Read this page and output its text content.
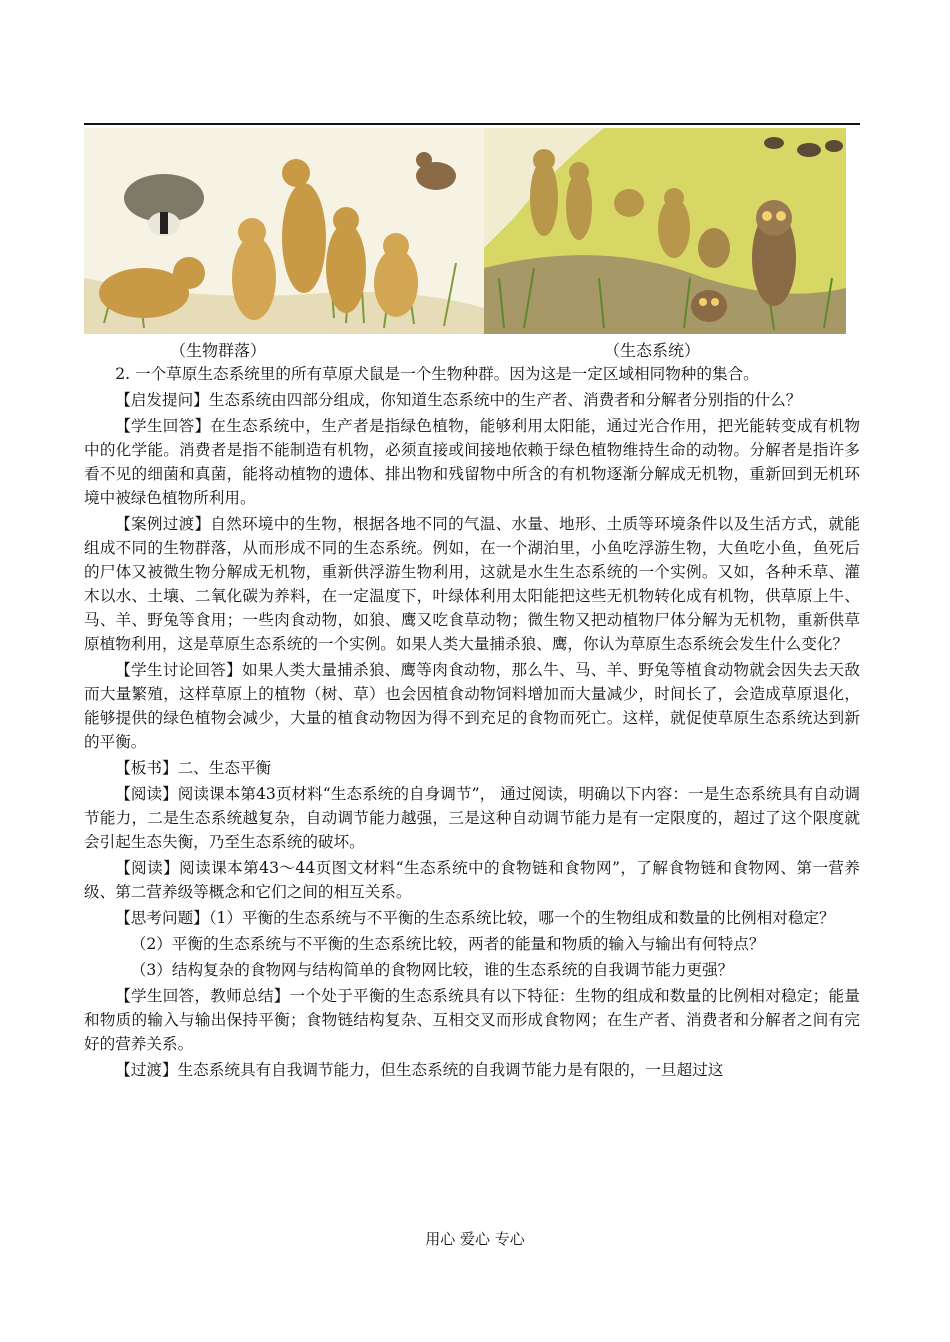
（生物群落）	（生态系统）

2. 一个草原生态系统里的所有草原犬鼠是一个生物种群。因为这是一定区域相同物种的集合。

【启发提问】生态系统由四部分组成，你知道生态系统中的生产者、消费者和分解者分别指的什么？

【学生回答】在生态系统中，生产者是指绿色植物，能够利用太阳能，通过光合作用，把光能转变成有机物中的化学能。消费者是指不能制造有机物，必须直接或间接地依赖于绿色植物维持生命的动物。分解者是指许多看不见的细菌和真菌，能将动植物的遗体、排出物和残留物中所含的有机物逐渐分解成无机物，重新回到无机环境中被绿色植物所利用。

【案例过渡】自然环境中的生物，根据各地不同的气温、水量、地形、土质等环境条件以及生活方式，就能组成不同的生物群落，从而形成不同的生态系统。例如，在一个湖泊里，小鱼吃浮游生物，大鱼吃小鱼，鱼死后的尸体又被微生物分解成无机物，重新供浮游生物利用，这就是水生生态系统的一个实例。又如，各种禾草、灌木以水、土壤、二氧化碳为养料，在一定温度下，叶绿体利用太阳能把这些无机物转化成有机物，供草原上牛、马、羊、野兔等食用；一些肉食动物，如狼、鹰又吃食草动物；微生物又把动植物尸体分解为无机物，重新供草原植物利用，这是草原生态系统的一个实例。如果人类大量捕杀狼、鹰，你认为草原生态系统会发生什么变化？

【学生讨论回答】如果人类大量捕杀狼、鹰等肉食动物，那么牛、马、羊、野兔等植食动物就会因失去天敌而大量繁殖，这样草原上的植物（树、草）也会因植食动物饲料增加而大量减少，时间长了，会造成草原退化，能够提供的绿色植物会减少，大量的植食动物因为得不到充足的食物而死亡。这样，就促使草原生态系统达到新的平衡。

【板书】二、生态平衡

【阅读】阅读课本第43页材料“生态系统的自身调节”， 通过阅读，明确以下内容：一是生态系统具有自动调节能力，二是生态系统越复杂，自动调节能力越强，三是这种自动调节能力是有一定限度的，超过了这个限度就会引起生态失衡，乃至生态系统的破坏。

【阅读】阅读课本第43～44页图文材料“生态系统中的食物链和食物网”，了解食物链和食物网、第一营养级、第二营养级等概念和它们之间的相互关系。

【思考问题】（1）平衡的生态系统与不平衡的生态系统比较，哪一个的生物组成和数量的比例相对稳定？

（2）平衡的生态系统与不平衡的生态系统比较，两者的能量和物质的输入与输出有何特点？

（3）结构复杂的食物网与结构简单的食物网比较，谁的生态系统的自我调节能力更强？

【学生回答，教师总结】一个处于平衡的生态系统具有以下特征：生物的组成和数量的比例相对稳定；能量和物质的输入与输出保持平衡；食物链结构复杂、互相交叉而形成食物网；在生产者、消费者和分解者之间有完好的营养关系。

【过渡】生态系统具有自我调节能力，但生态系统的自我调节能力是有限的，一旦超过这

用心 爱心 专心
